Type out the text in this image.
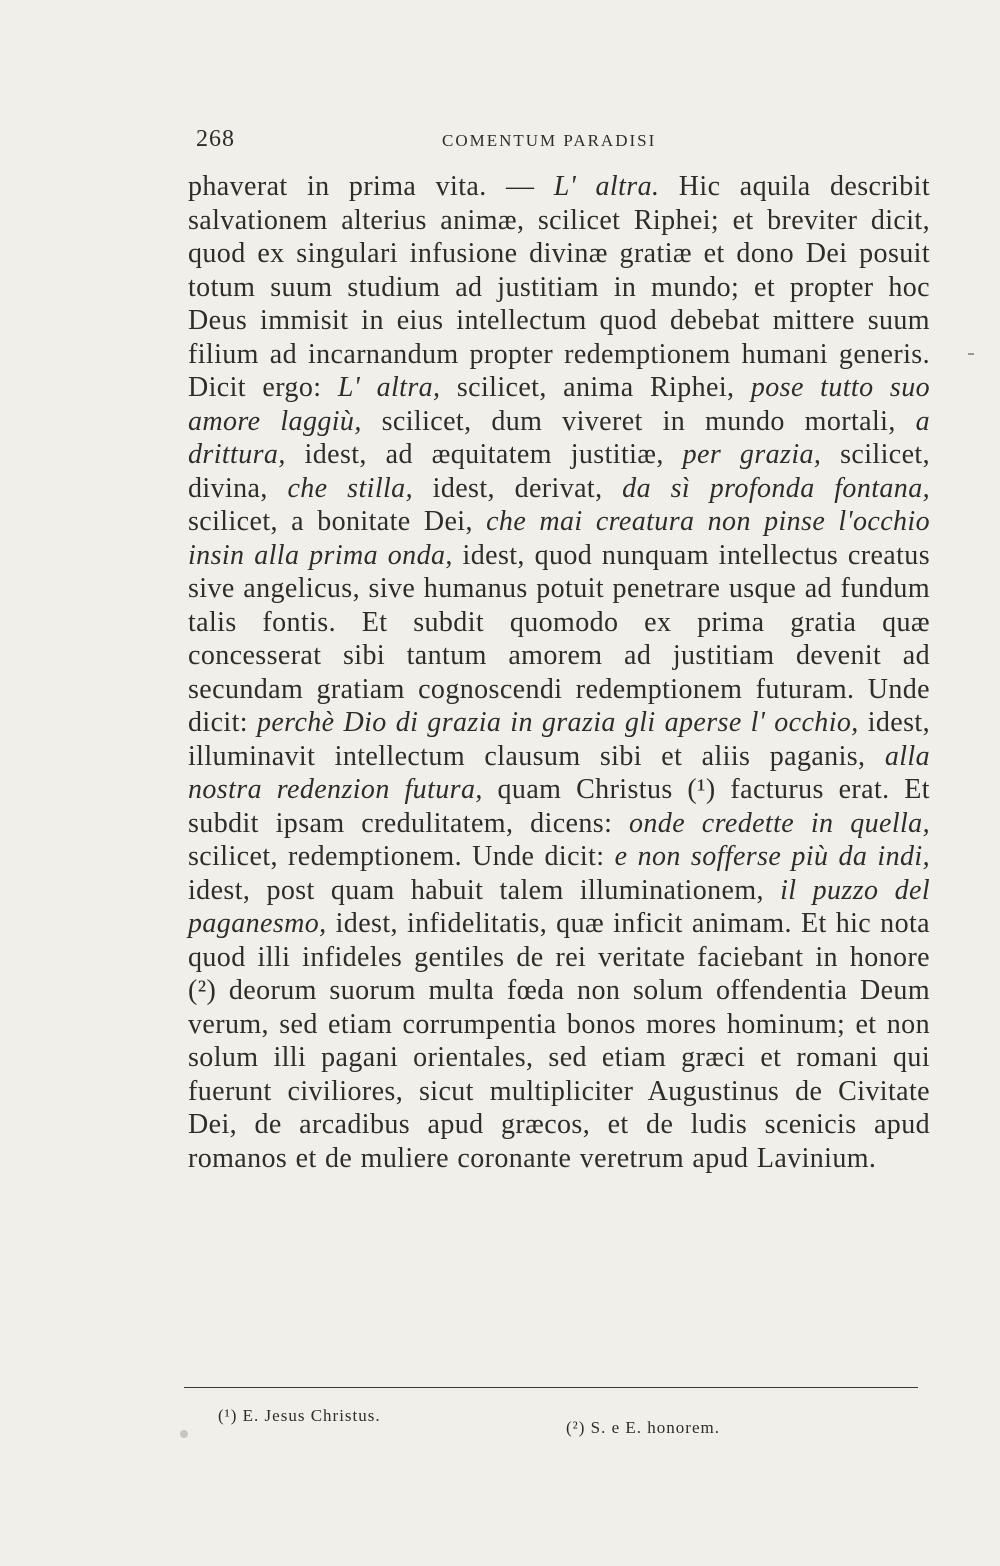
268	COMENTUM PARADISI

phaverat in prima vita. — L' altra. Hic aquila describit salvationem alterius animæ, scilicet Riphei; et breviter dicit, quod ex singulari infusione divinæ gratiæ et dono Dei posuit totum suum studium ad justitiam in mundo; et propter hoc Deus immisit in eius intellectum quod debebat mittere suum filium ad incarnandum propter redemptionem humani generis. Dicit ergo: L' altra, scilicet, anima Riphei, pose tutto suo amore laggiù, scilicet, dum viveret in mundo mortali, a drittura, idest, ad æquitatem justitiæ, per grazia, scilicet, divina, che stilla, idest, derivat, da sì profonda fontana, scilicet, a bonitate Dei, che mai creatura non pinse l'occhio insin alla prima onda, idest, quod nunquam intellectus creatus sive angelicus, sive humanus potuit penetrare usque ad fundum talis fontis. Et subdit quomodo ex prima gratia quæ concesserat sibi tantum amorem ad justitiam devenit ad secundam gratiam cognoscendi redemptionem futuram. Unde dicit: perchè Dio di grazia in grazia gli aperse l' occhio, idest, illuminavit intellectum clausum sibi et aliis paganis, alla nostra redenzion futura, quam Christus (¹) facturus erat. Et subdit ipsam credulitatem, dicens: onde credette in quella, scilicet, redemptionem. Unde dicit: e non sofferse più da indi, idest, post quam habuit talem illuminationem, il puzzo del paganesmo, idest, infidelitatis, quæ inficit animam. Et hic nota quod illi infideles gentiles de rei veritate faciebant in honore (²) deorum suorum multa fœda non solum offendentia Deum verum, sed etiam corrumpentia bonos mores hominum; et non solum illi pagani orientales, sed etiam græci et romani qui fuerunt civiliores, sicut multipliciter Augustinus de Civitate Dei, de arcadibus apud græcos, et de ludis scenicis apud romanos et de muliere coronante veretrum apud Lavinium.

(¹) E. Jesus Christus.
(²) S. e E. honorem.
